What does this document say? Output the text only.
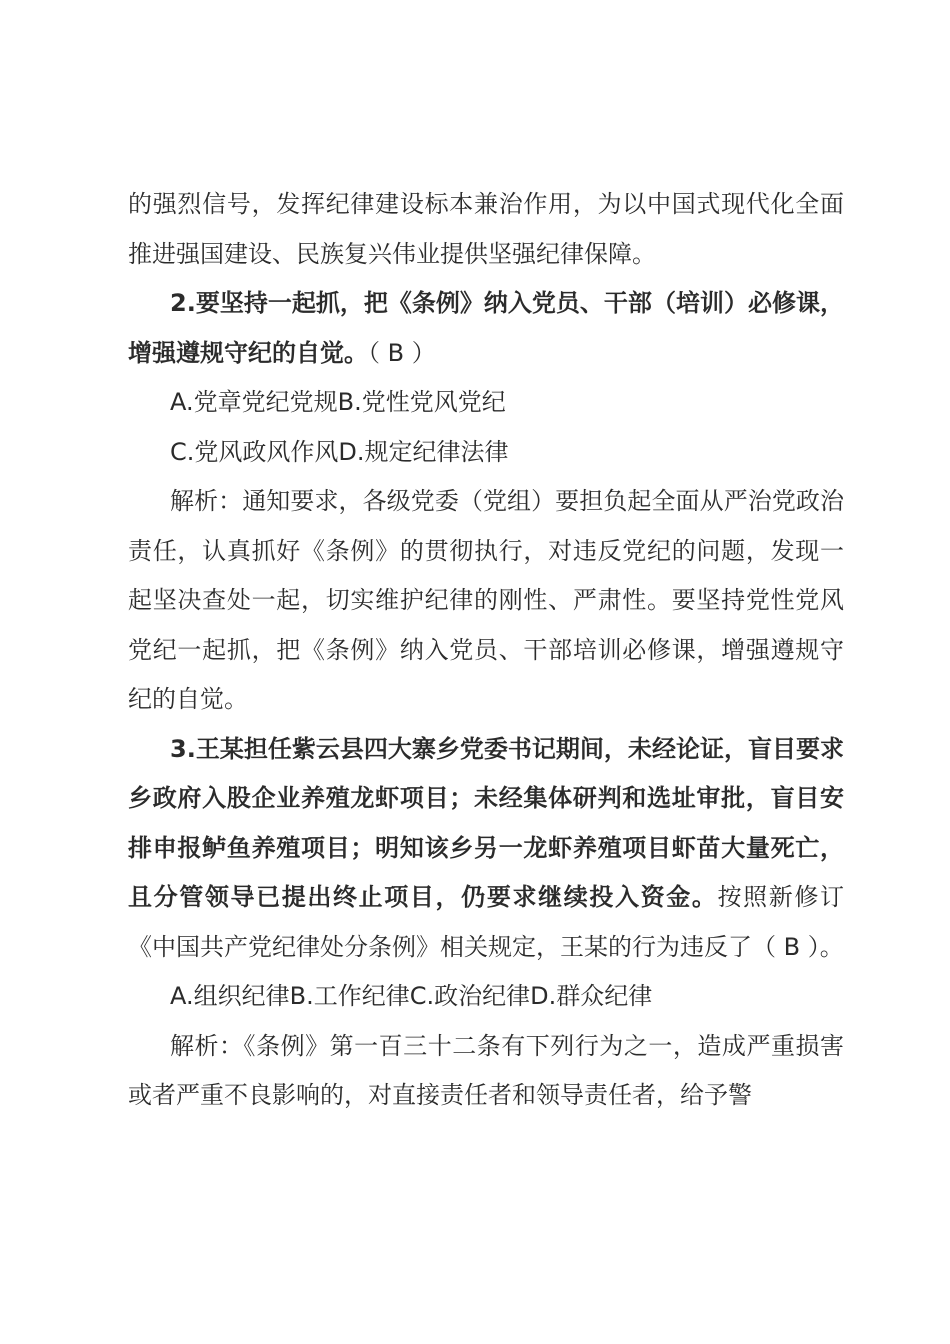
的强烈信号，发挥纪律建设标本兼治作用，为以中国式现代化全面推进强国建设、民族复兴伟业提供坚强纪律保障。

2.要坚持一起抓，把《条例》纳入党员、干部（培训）必修课，增强遵规守纪的自觉。（ B ）

A.党章党纪党规B.党性党风党纪

C.党风政风作风D.规定纪律法律

解析：通知要求，各级党委（党组）要担负起全面从严治党政治责任，认真抓好《条例》的贯彻执行，对违反党纪的问题，发现一起坚决查处一起，切实维护纪律的刚性、严肃性。要坚持党性党风党纪一起抓，把《条例》纳入党员、干部培训必修课，增强遵规守纪的自觉。

3.王某担任紫云县四大寨乡党委书记期间，未经论证，盲目要求乡政府入股企业养殖龙虾项目；未经集体研判和选址审批，盲目安排申报鲈鱼养殖项目；明知该乡另一龙虾养殖项目虾苗大量死亡，且分管领导已提出终止项目，仍要求继续投入资金。按照新修订《中国共产党纪律处分条例》相关规定，王某的行为违反了（ B ）。

A.组织纪律B.工作纪律C.政治纪律D.群众纪律

解析：《条例》第一百三十二条有下列行为之一，造成严重损害或者严重不良影响的，对直接责任者和领导责任者，给予警
